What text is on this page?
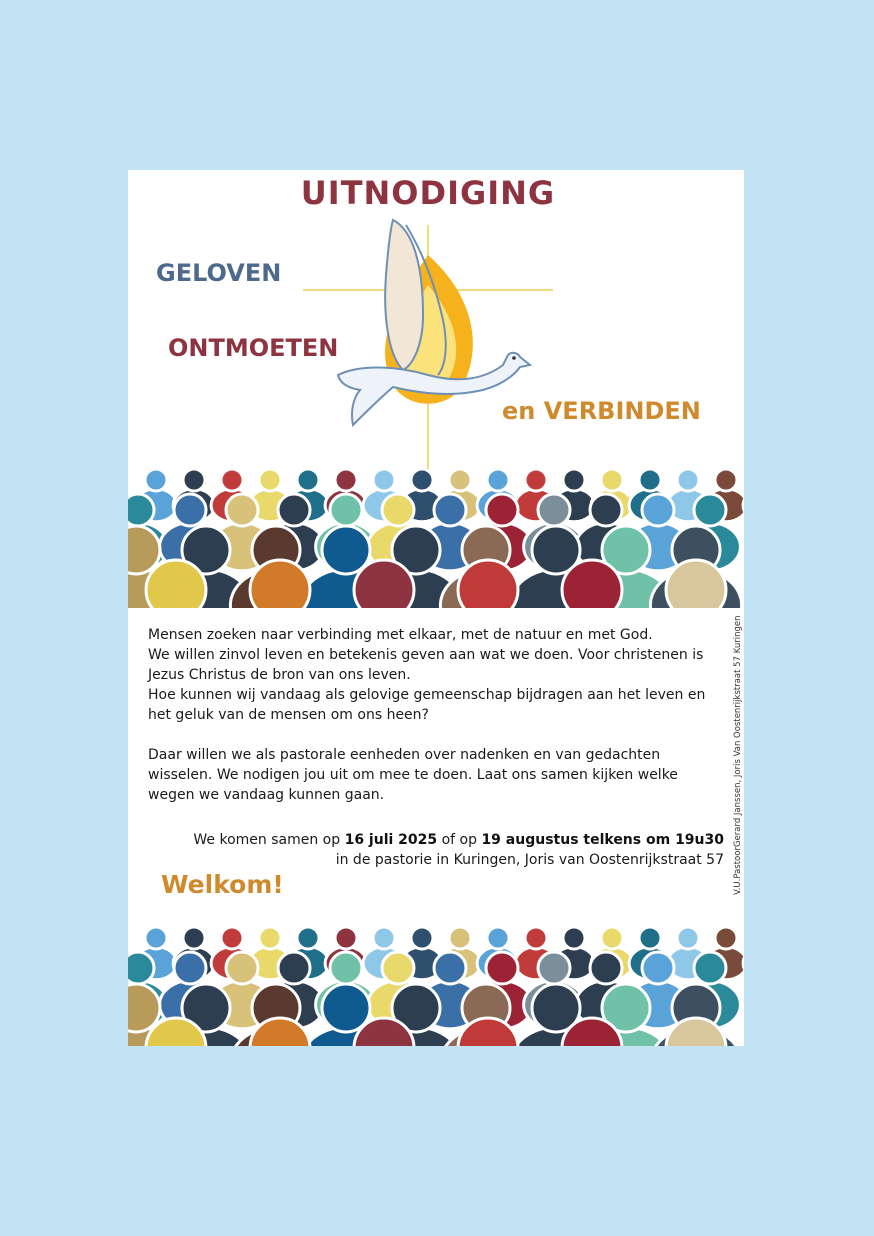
UITNODIGING
GELOVEN
ONTMOETEN
en VERBINDEN

Mensen zoeken naar verbinding met elkaar, met de natuur en met God.

We willen zinvol leven en betekenis geven aan wat we doen. Voor christenen is Jezus Christus de bron van ons leven.

Hoe kunnen wij vandaag als gelovige gemeenschap bijdragen aan het leven en het geluk van de mensen om ons heen?

Daar willen we als pastorale eenheden over nadenken en van gedachten wisselen. We nodigen jou uit om mee te doen. Laat ons samen kijken welke wegen we vandaag kunnen gaan.

We komen samen op 16 juli 2025 of op 19 augustus telkens om 19u30

in de pastorie in Kuringen, Joris van Oostenrijkstraat 57

Welkom!	V.U.PastoorGerard Janssen, Joris Van Oostenrijkstraat 57 Kuringen
